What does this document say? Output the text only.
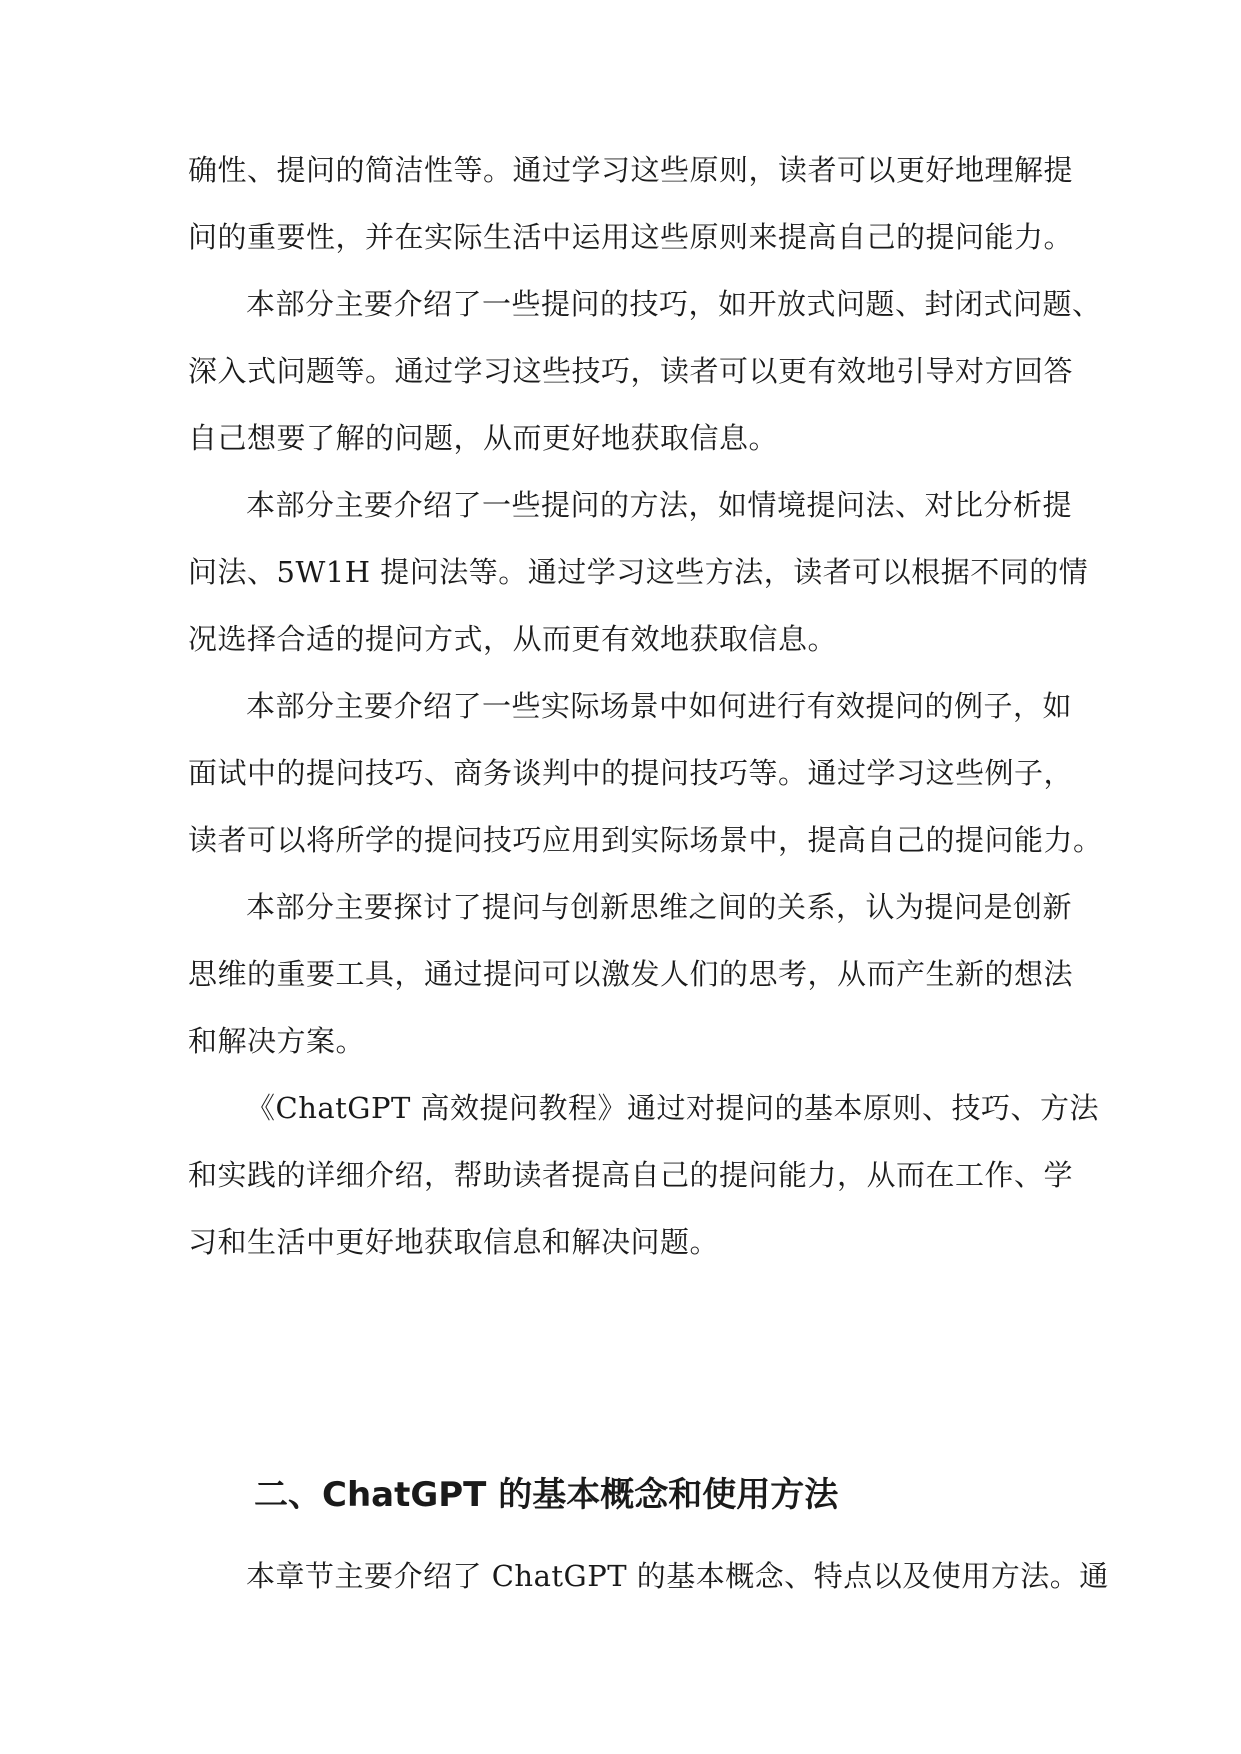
确性、提问的简洁性等。通过学习这些原则，读者可以更好地理解提
问的重要性，并在实际生活中运用这些原则来提高自己的提问能力。
本部分主要介绍了一些提问的技巧，如开放式问题、封闭式问题、
深入式问题等。通过学习这些技巧，读者可以更有效地引导对方回答
自己想要了解的问题，从而更好地获取信息。
本部分主要介绍了一些提问的方法，如情境提问法、对比分析提
问法、5W1H 提问法等。通过学习这些方法，读者可以根据不同的情
况选择合适的提问方式，从而更有效地获取信息。
本部分主要介绍了一些实际场景中如何进行有效提问的例子，如
面试中的提问技巧、商务谈判中的提问技巧等。通过学习这些例子，
读者可以将所学的提问技巧应用到实际场景中，提高自己的提问能力。
本部分主要探讨了提问与创新思维之间的关系，认为提问是创新
思维的重要工具，通过提问可以激发人们的思考，从而产生新的想法
和解决方案。
《ChatGPT 高效提问教程》通过对提问的基本原则、技巧、方法
和实践的详细介绍，帮助读者提高自己的提问能力，从而在工作、学
习和生活中更好地获取信息和解决问题。
二、ChatGPT 的基本概念和使用方法
本章节主要介绍了 ChatGPT 的基本概念、特点以及使用方法。通
